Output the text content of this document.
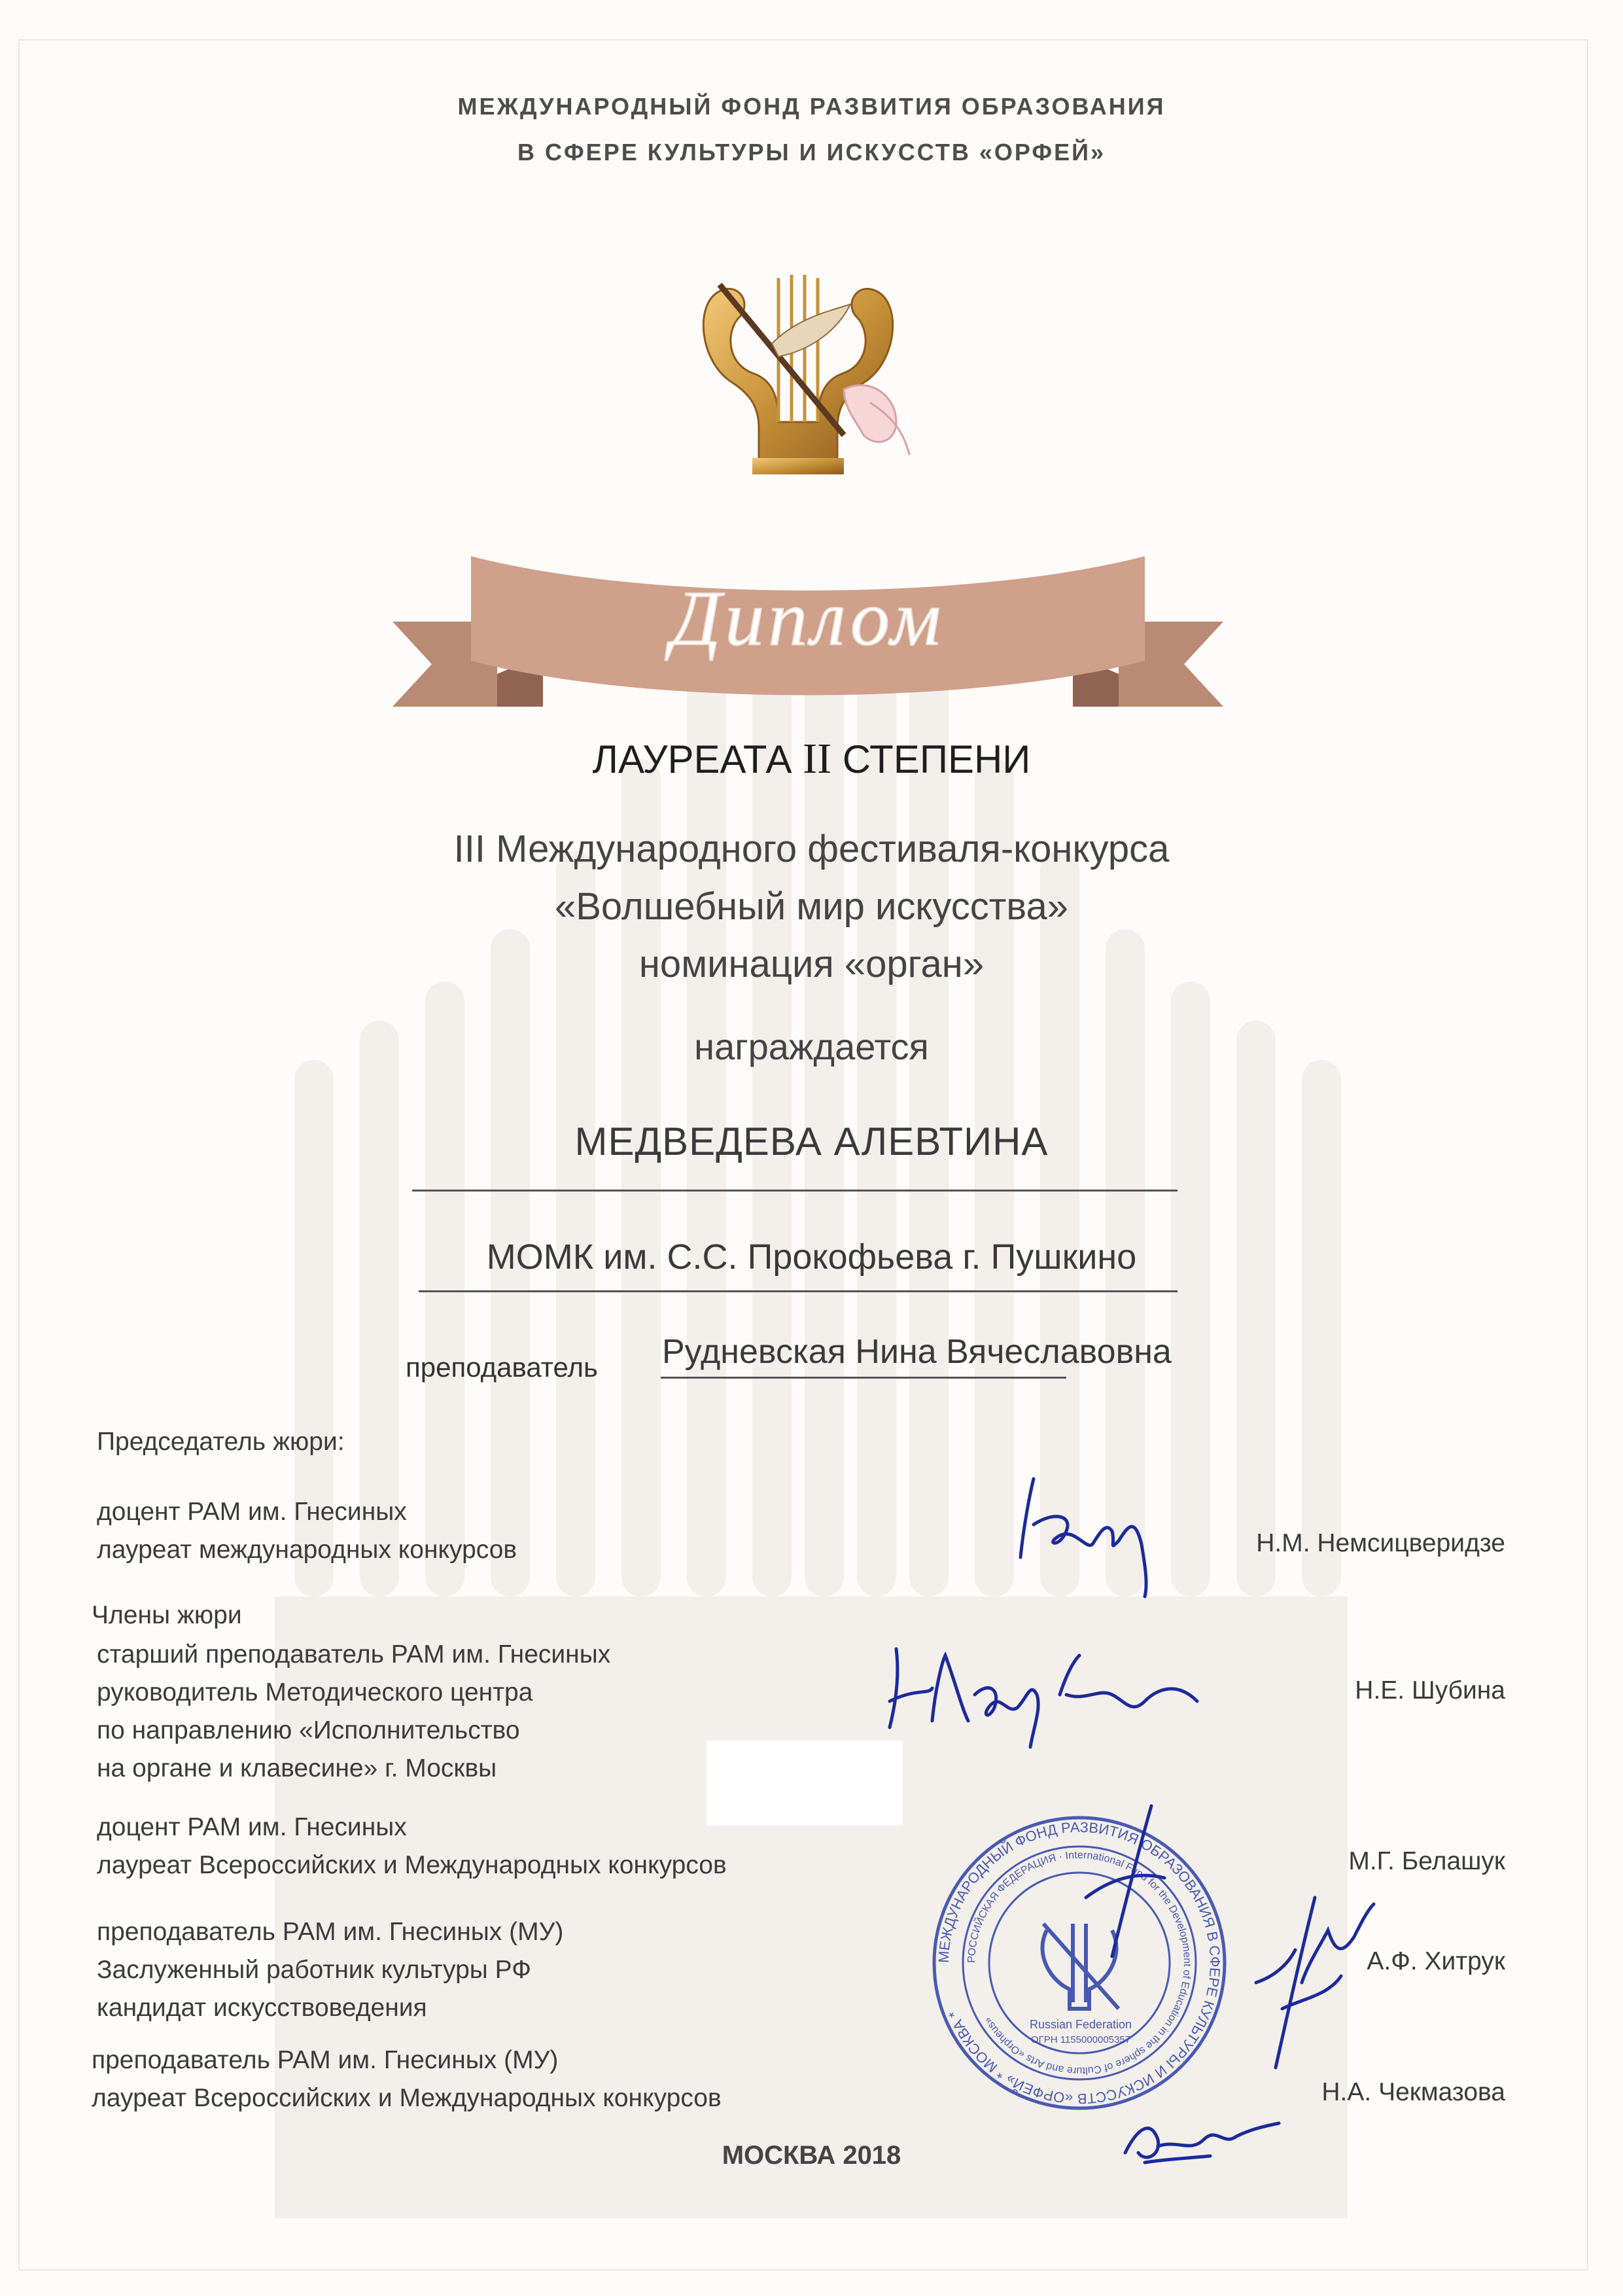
МЕЖДУНАРОДНЫЙ ФОНД РАЗВИТИЯ ОБРАЗОВАНИЯ
В СФЕРЕ КУЛЬТУРЫ И ИСКУССТВ «ОРФЕЙ»
Диплом
ЛАУРЕАТА II СТЕПЕНИ
III Международного фестиваля-конкурса
«Волшебный мир искусства»
номинация «орган»
награждается
МЕДВЕДЕВА АЛЕВТИНА
МОМК им. С.С. Прокофьева г. Пушкино
преподаватель Рудневская Нина Вячеславовна
Председатель жюри:
доцент РАМ им. Гнесиных
лауреат международных конкурсов	Н.М. Немсицверидзе
Члены жюри
старший преподаватель РАМ им. Гнесиных
руководитель Методического центра
по направлению «Исполнительство
на органе и клавесине» г. Москвы
Н.Е. Шубина
доцент РАМ им. Гнесиных
лауреат Всероссийских и Международных конкурсов	М.Г. Белашук
преподаватель РАМ им. Гнесиных (МУ)
Заслуженный работник культуры РФ
кандидат искусствоведения
А.Ф. Хитрук
преподаватель РАМ им. Гнесиных (МУ)
лауреат Всероссийских и Международных конкурсов	Н.А. Чекмазова
МОСКВА 2018
МЕЖДУНАРОДНЫЙ ФОНД РАЗВИТИЯ ОБРАЗОВАНИЯ В СФЕРЕ КУЛЬТУРЫ И ИСКУССТВ «ОРФЕЙ» * МОСКВА *
РОССИЙСКАЯ ФЕДЕРАЦИЯ · International Fund for the Development of Education in the sphere of Culture and Arts «Orpheus»	Russian Federation
ОГРН 1155000005357
